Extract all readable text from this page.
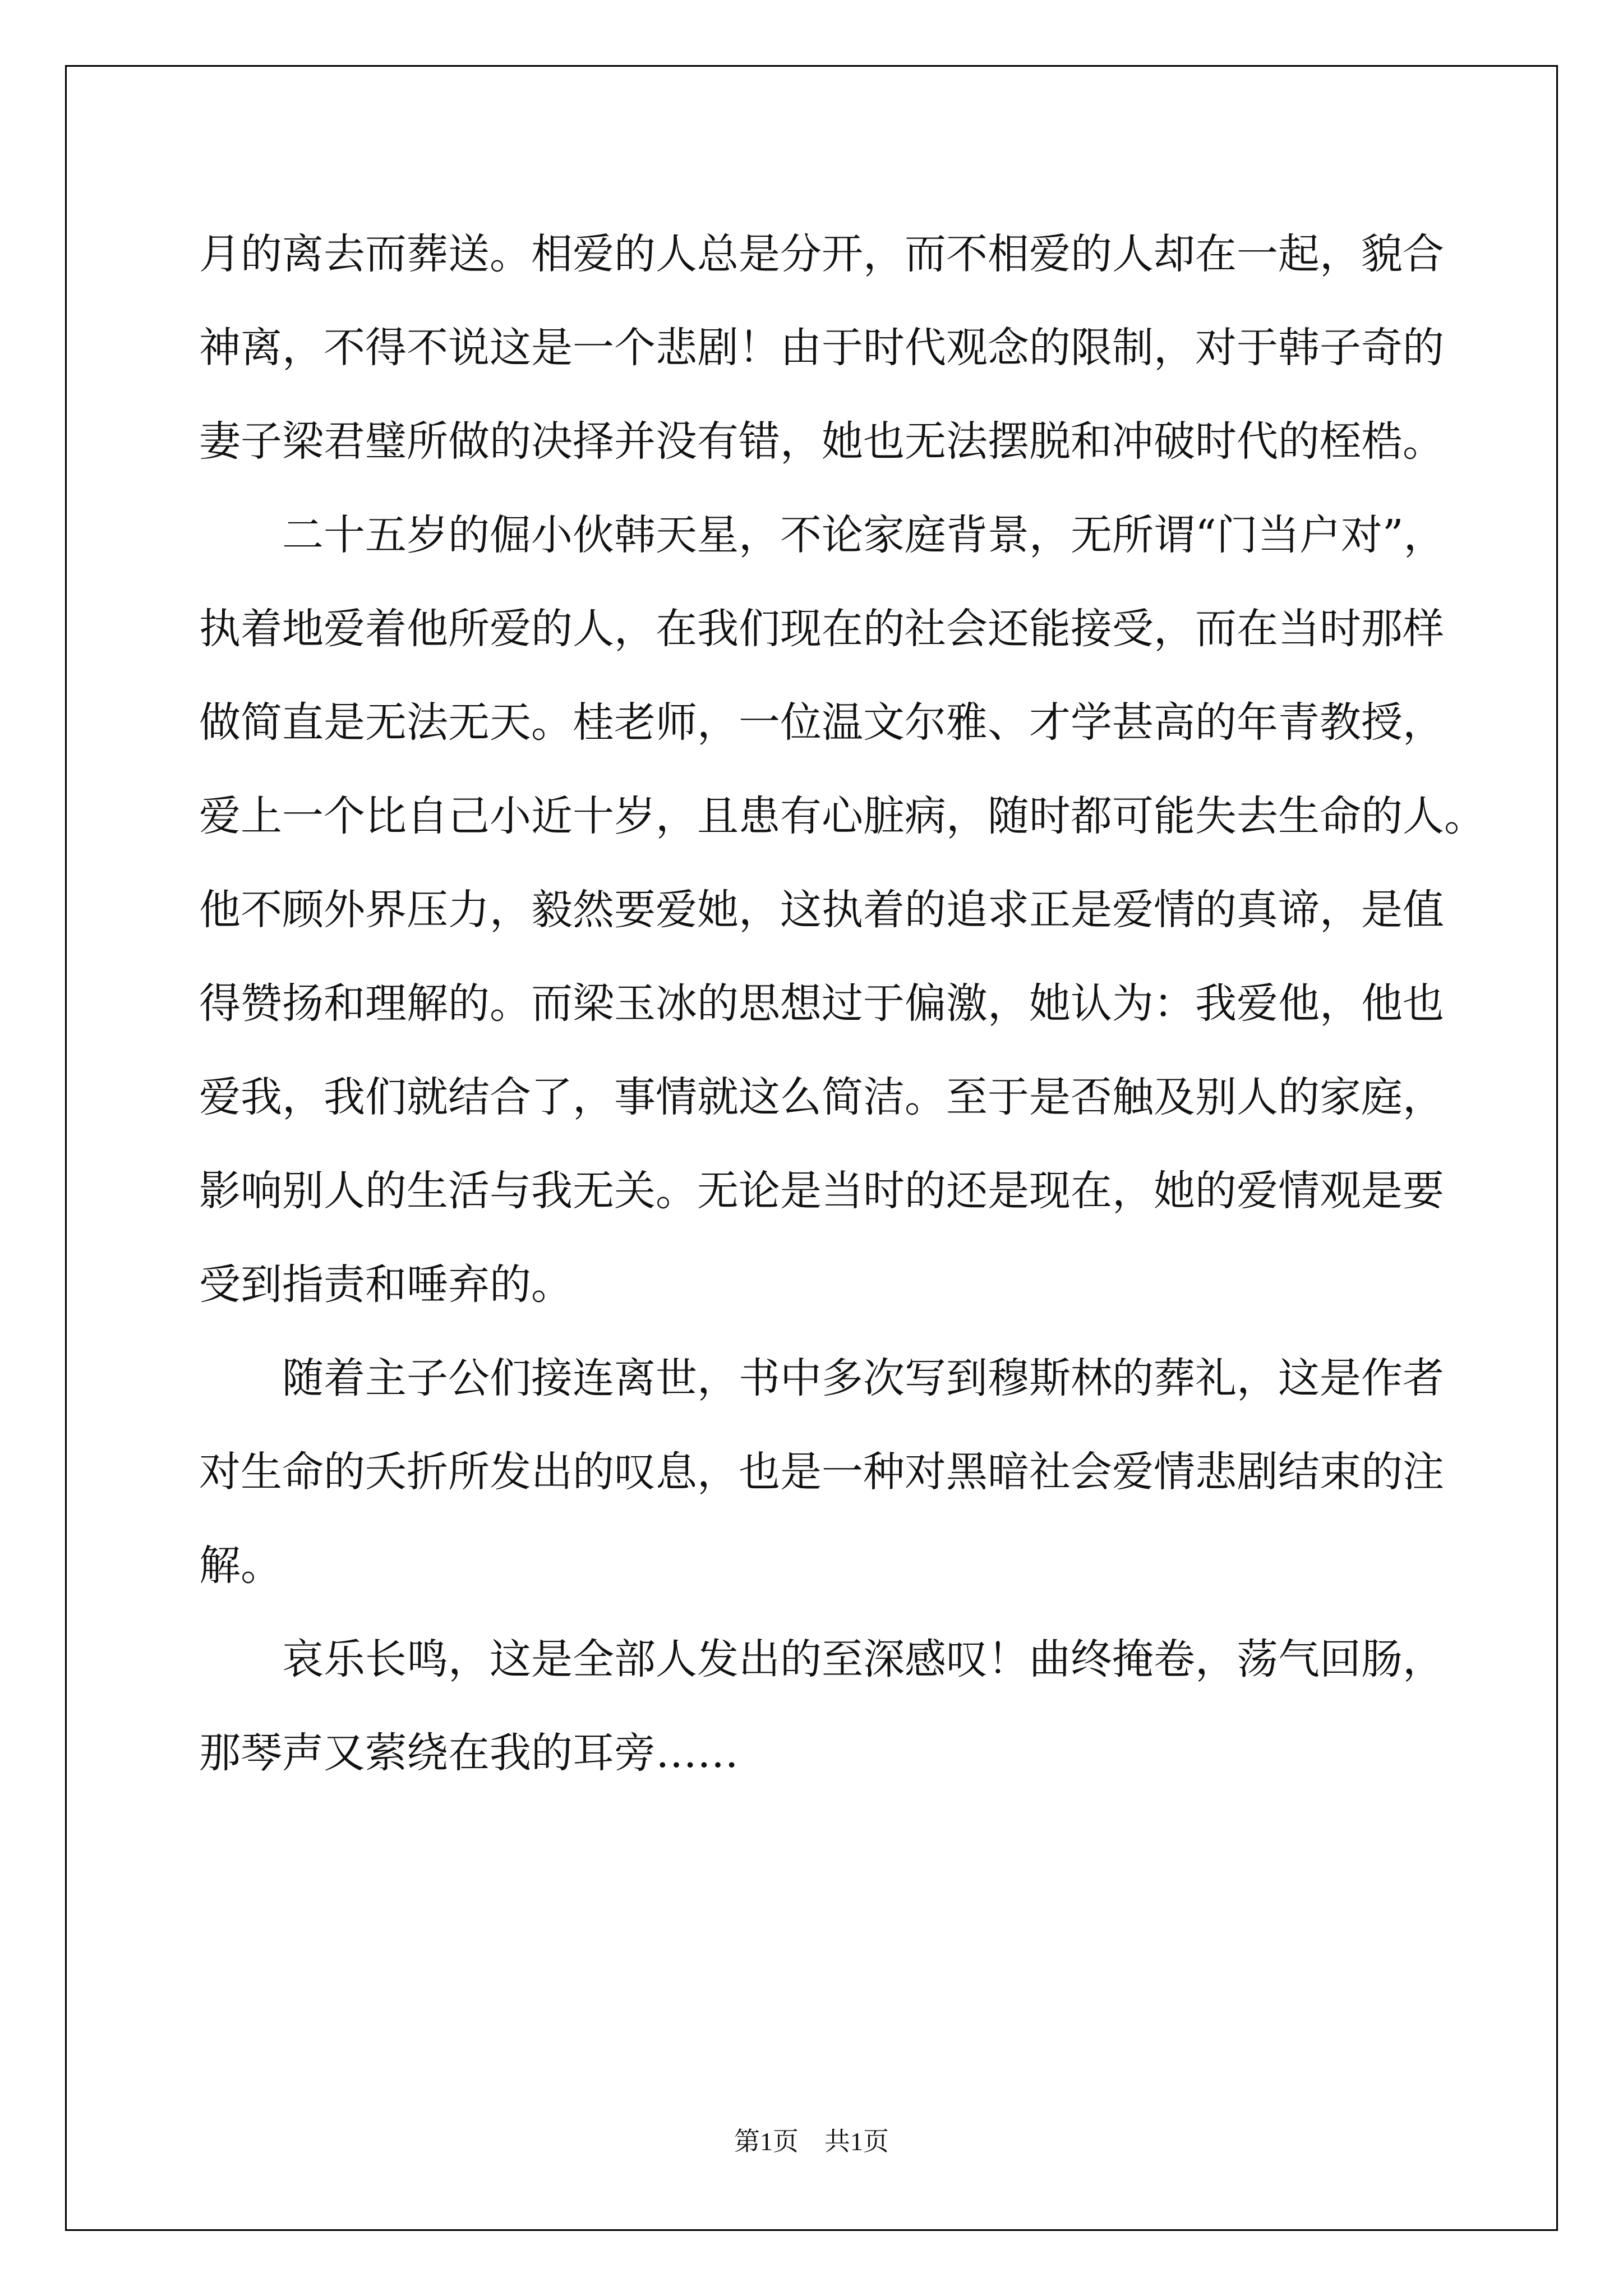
月的离去而葬送。相爱的人总是分开，而不相爱的人却在一起，貌合
神离，不得不说这是一个悲剧！由于时代观念的限制，对于韩子奇的
妻子梁君璧所做的决择并没有错，她也无法摆脱和冲破时代的桎梏。
二十五岁的倔小伙韩天星，不论家庭背景，无所谓“门当户对”，
执着地爱着他所爱的人，在我们现在的社会还能接受，而在当时那样
做简直是无法无天。桂老师，一位温文尔雅、才学甚高的年青教授，
爱上一个比自己小近十岁，且患有心脏病，随时都可能失去生命的人。
他不顾外界压力，毅然要爱她，这执着的追求正是爱情的真谛，是值
得赞扬和理解的。而梁玉冰的思想过于偏激，她认为：我爱他，他也
爱我，我们就结合了，事情就这么简洁。至于是否触及别人的家庭，
影响别人的生活与我无关。无论是当时的还是现在，她的爱情观是要
受到指责和唾弃的。
随着主子公们接连离世，书中多次写到穆斯林的葬礼，这是作者
对生命的夭折所发出的叹息，也是一种对黑暗社会爱情悲剧结束的注
解。
哀乐长鸣，这是全部人发出的至深感叹！曲终掩卷，荡气回肠，
那琴声又萦绕在我的耳旁……
第1页　共1页
